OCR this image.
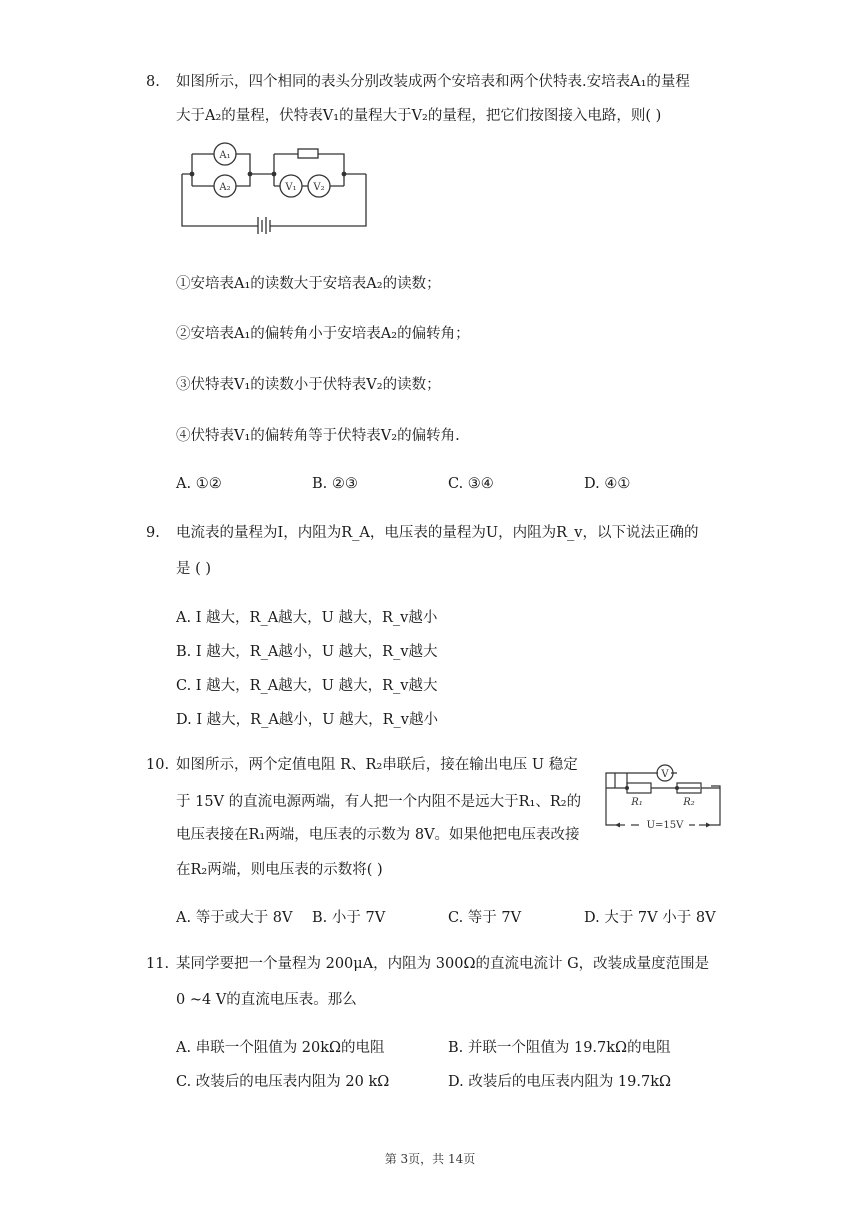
8. 如图所示，四个相同的表头分别改装成两个安培表和两个伏特表.安培表A₁的量程
大于A₂的量程，伏特表V₁的量程大于V₂的量程，把它们按图接入电路，则( )
A₁
A₂	V₁ V₂
①安培表A₁的读数大于安培表A₂的读数；
②安培表A₁的偏转角小于安培表A₂的偏转角；
③伏特表V₁的读数小于伏特表V₂的读数；
④伏特表V₁的偏转角等于伏特表V₂的偏转角.
A. ①②	B. ②③	C. ③④	D. ④①
9. 电流表的量程为I，内阻为R_A，电压表的量程为U，内阻为R_v，以下说法正确的
是 ( )
A. I 越大，R_A越大，U 越大，R_v越小
B. I 越大，R_A越小，U 越大，R_v越大
C. I 越大，R_A越大，U 越大，R_v越大
D. I 越大，R_A越小，U 越大，R_v越小
10. 如图所示，两个定值电阻 R、R₂串联后，接在输出电压 U 稳定
于 15V 的直流电源两端，有人把一个内阻不是远大于R₁、R₂的
电压表接在R₁两端，电压表的示数为 8V。如果他把电压表改接
在R₂两端，则电压表的示数将( )
V
R₁	R₂
U=15V
A. 等于或大于 8V B. 小于 7V	C. 等于 7V	D. 大于 7V 小于 8V
11. 某同学要把一个量程为 200μA，内阻为 300Ω的直流电流计 G，改装成量度范围是
0 ~4 V的直流电压表。那么
A. 串联一个阻值为 20kΩ的电阻	B. 并联一个阻值为 19.7kΩ的电阻
C. 改装后的电压表内阻为 20 kΩ	D. 改装后的电压表内阻为 19.7kΩ
第 3页，共 14页
